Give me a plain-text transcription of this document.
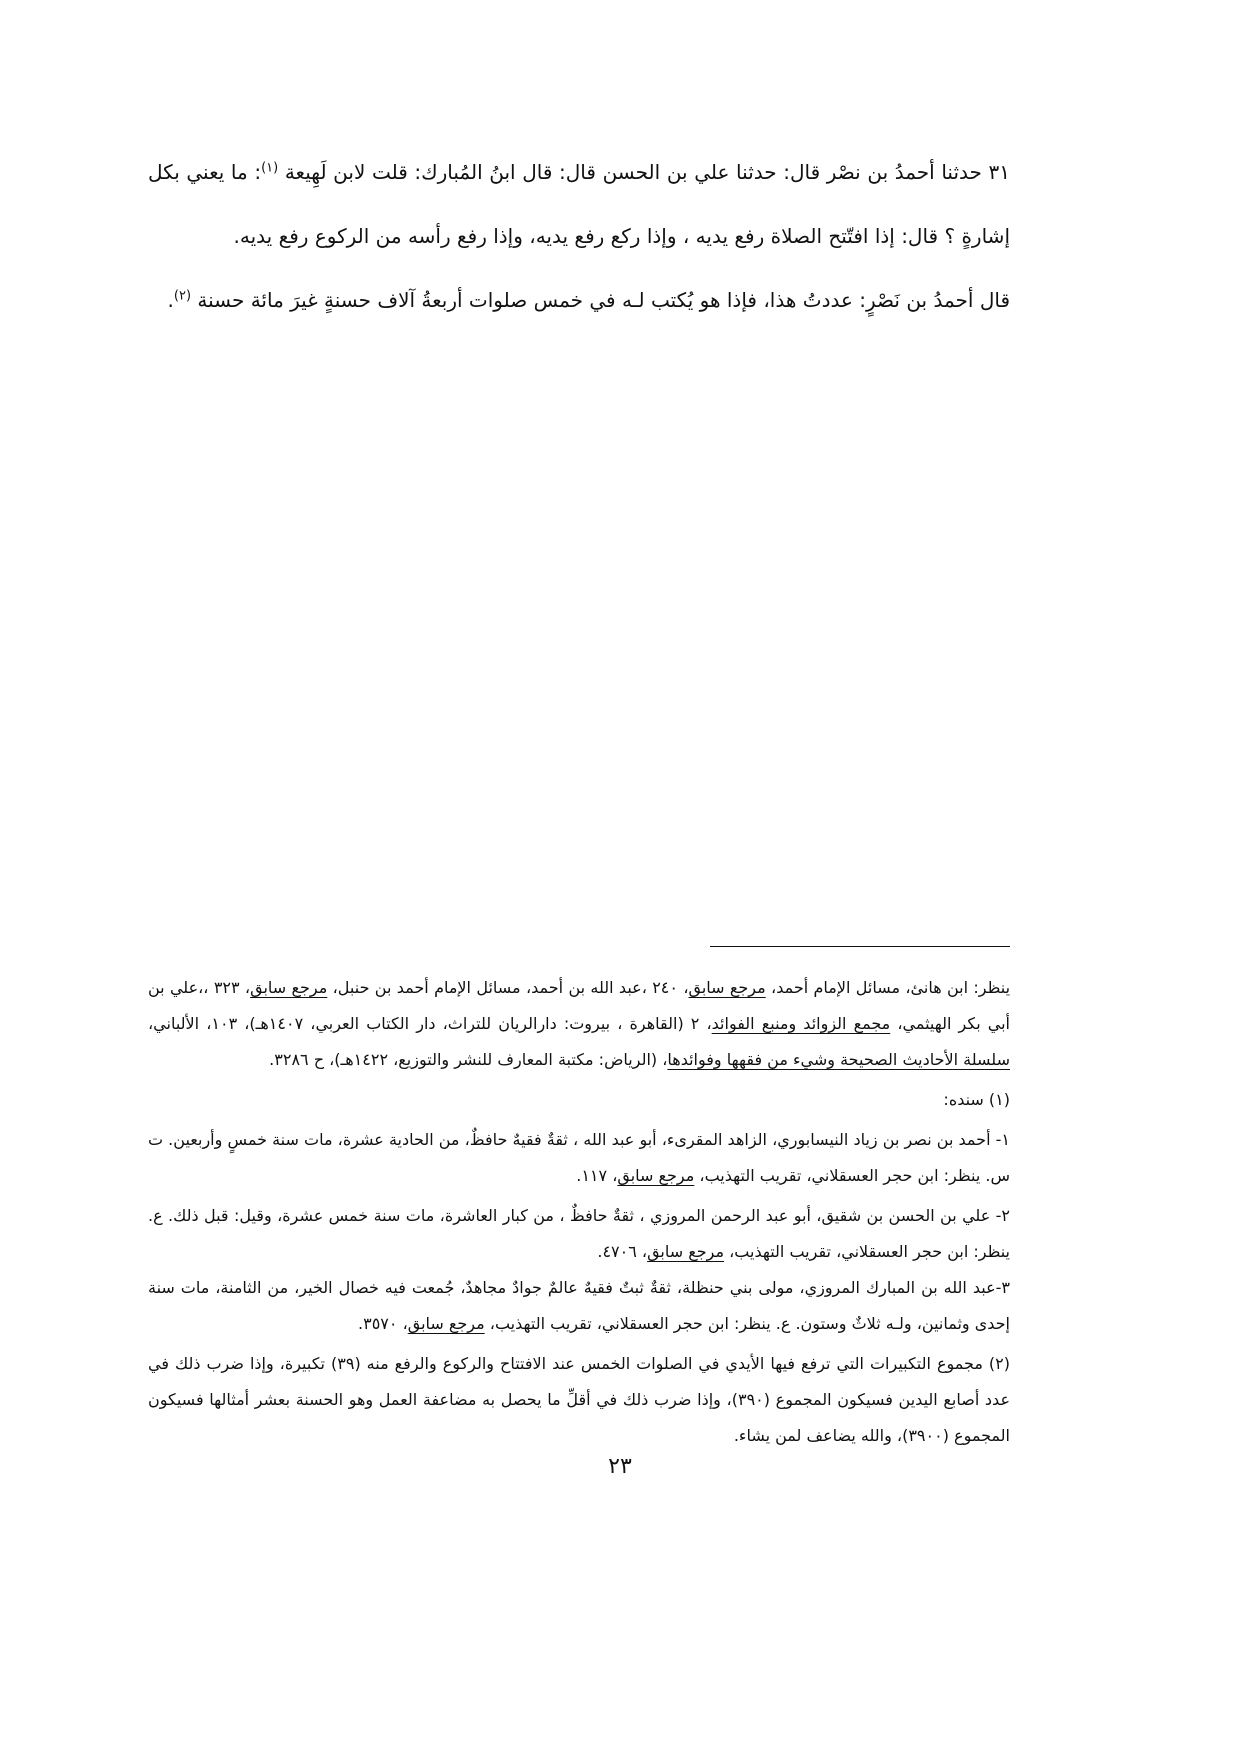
٣١ حدثنا أحمدُ بن نصْر قال: حدثنا علي بن الحسن قال: قال ابنُ المُبارك: قلت لابن لَهِيعة $^{(١)}$: ما يعني بكل إشارةٍ ؟ قال: إذا افتّتح الصلاة رفع يديه ، وإذا ركع رفع يديه، وإذا رفع رأسه من الركوع رفع يديه.

قال أحمدُ بن نَصْرٍ: عددتُ هذا، فإذا هو يُكتب لـه في خمس صلوات أربعةُ آلاف حسنةٍ غيرَ مائة حسنة $^{(٢)}$.

ينظر: ابن هانئ، مسائل الإمام أحمد، مرجع سابق، ٢٤٠ ،عبد الله بن أحمد، مسائل الإمام أحمد بن حنبل، مرجع سابق، ٣٢٣ ،،علي بن أبي بكر الهيثمي، مجمع الزوائد ومنبع الفوائد، ٢ (القاهرة ، بيروت: دارالريان للتراث، دار الكتاب العربي، ١٤٠٧هـ)، ١٠٣، الألباني، سلسلة الأحاديث الصحيحة وشيء من فقهها وفوائدها، (الرياض: مكتبة المعارف للنشر والتوزيع، ١٤٢٢هـ)، ح ٣٢٨٦.

(١) سنده:

١- أحمد بن نصر بن زياد النيسابوري، الزاهد المقرىء، أبو عبد الله ، ثقةٌ فقيهٌ حافظٌ، من الحادية عشرة، مات سنة خمسٍ وأربعين. ت س. ينظر: ابن حجر العسقلاني، تقريب التهذيب، مرجع سابق، ١١٧.

٢- علي بن الحسن بن شقيق، أبو عبد الرحمن المروزي ، ثقةٌ حافظٌ ، من كبار العاشرة، مات سنة خمس عشرة، وقيل: قبل ذلك. ع. ينظر: ابن حجر العسقلاني، تقريب التهذيب، مرجع سابق، ٤٧٠٦.

٣-عبد الله بن المبارك المروزي، مولى بني حنظلة، ثقةٌ ثبتٌ فقيهٌ عالمٌ جوادٌ مجاهدٌ، جُمعت فيه خصال الخير، من الثامنة، مات سنة إحدى وثمانين، ولـه ثلاثٌ وستون. ع. ينظر: ابن حجر العسقلاني، تقريب التهذيب، مرجع سابق، ٣٥٧٠.

(٢) مجموع التكبيرات التي ترفع فيها الأيدي في الصلوات الخمس عند الافتتاح والركوع والرفع منه (٣٩) تكبيرة، وإذا ضرب ذلك في عدد أصابع اليدين فسيكون المجموع (٣٩٠)، وإذا ضرب ذلك في أقلِّ ما يحصل به مضاعفة العمل وهو الحسنة بعشر أمثالها فسيكون المجموع (٣٩٠٠)، والله يضاعف لمن يشاء.

٢٣
